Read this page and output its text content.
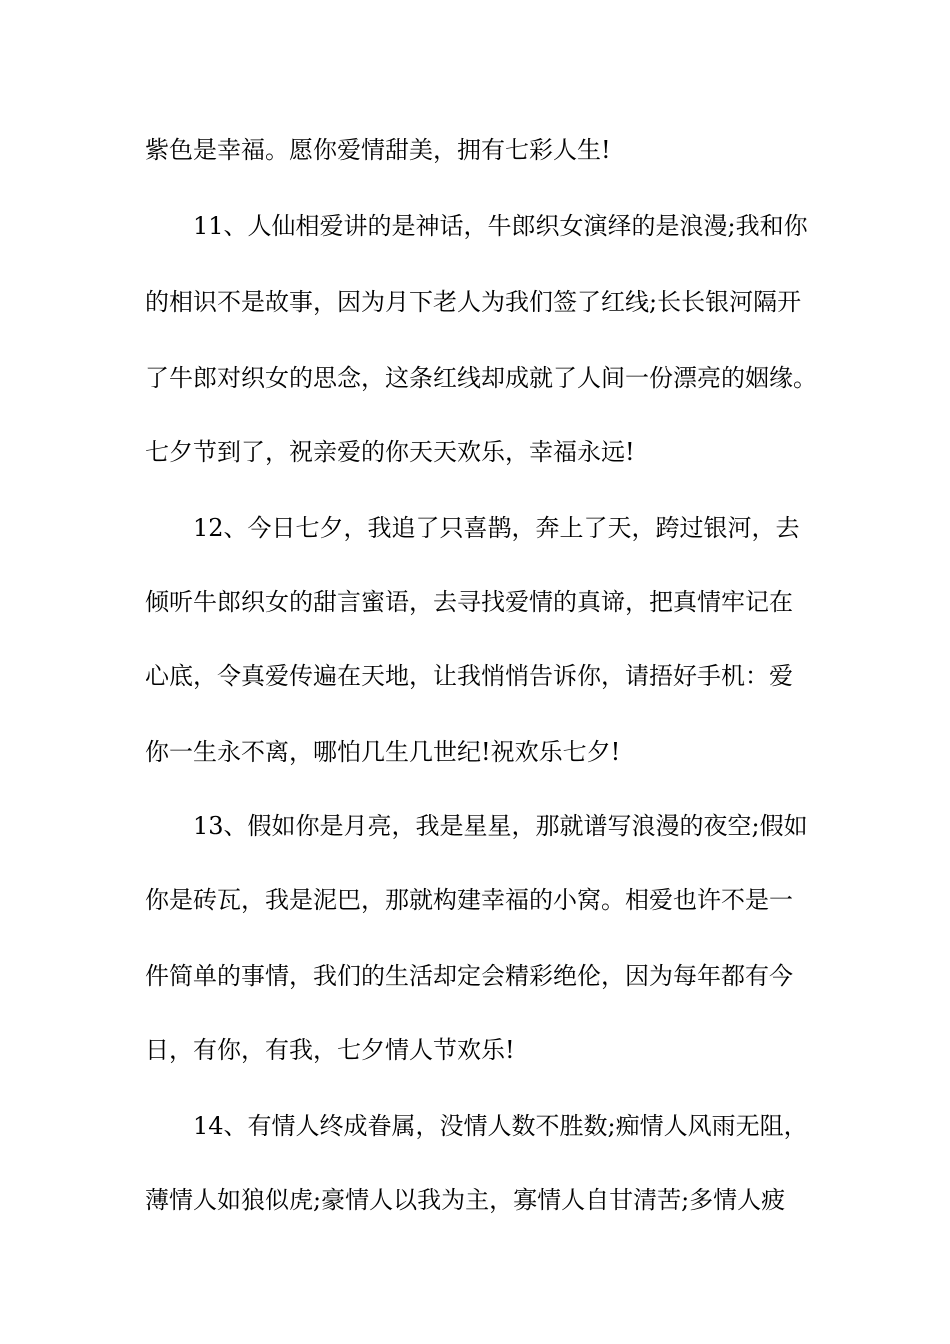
紫色是幸福。愿你爱情甜美，拥有七彩人生!

11、人仙相爱讲的是神话，牛郎织女演绎的是浪漫;我和你

的相识不是故事，因为月下老人为我们签了红线;长长银河隔开

了牛郎对织女的思念，这条红线却成就了人间一份漂亮的姻缘。

七夕节到了，祝亲爱的你天天欢乐，幸福永远!

12、今日七夕，我追了只喜鹊，奔上了天，跨过银河，去

倾听牛郎织女的甜言蜜语，去寻找爱情的真谛，把真情牢记在

心底，令真爱传遍在天地，让我悄悄告诉你，请捂好手机：爱

你一生永不离，哪怕几生几世纪!祝欢乐七夕!

13、假如你是月亮，我是星星，那就谱写浪漫的夜空;假如

你是砖瓦，我是泥巴，那就构建幸福的小窝。相爱也许不是一

件简单的事情，我们的生活却定会精彩绝伦，因为每年都有今

日，有你，有我，七夕情人节欢乐!

14、有情人终成眷属，没情人数不胜数;痴情人风雨无阻，

薄情人如狼似虎;豪情人以我为主，寡情人自甘清苦;多情人疲
